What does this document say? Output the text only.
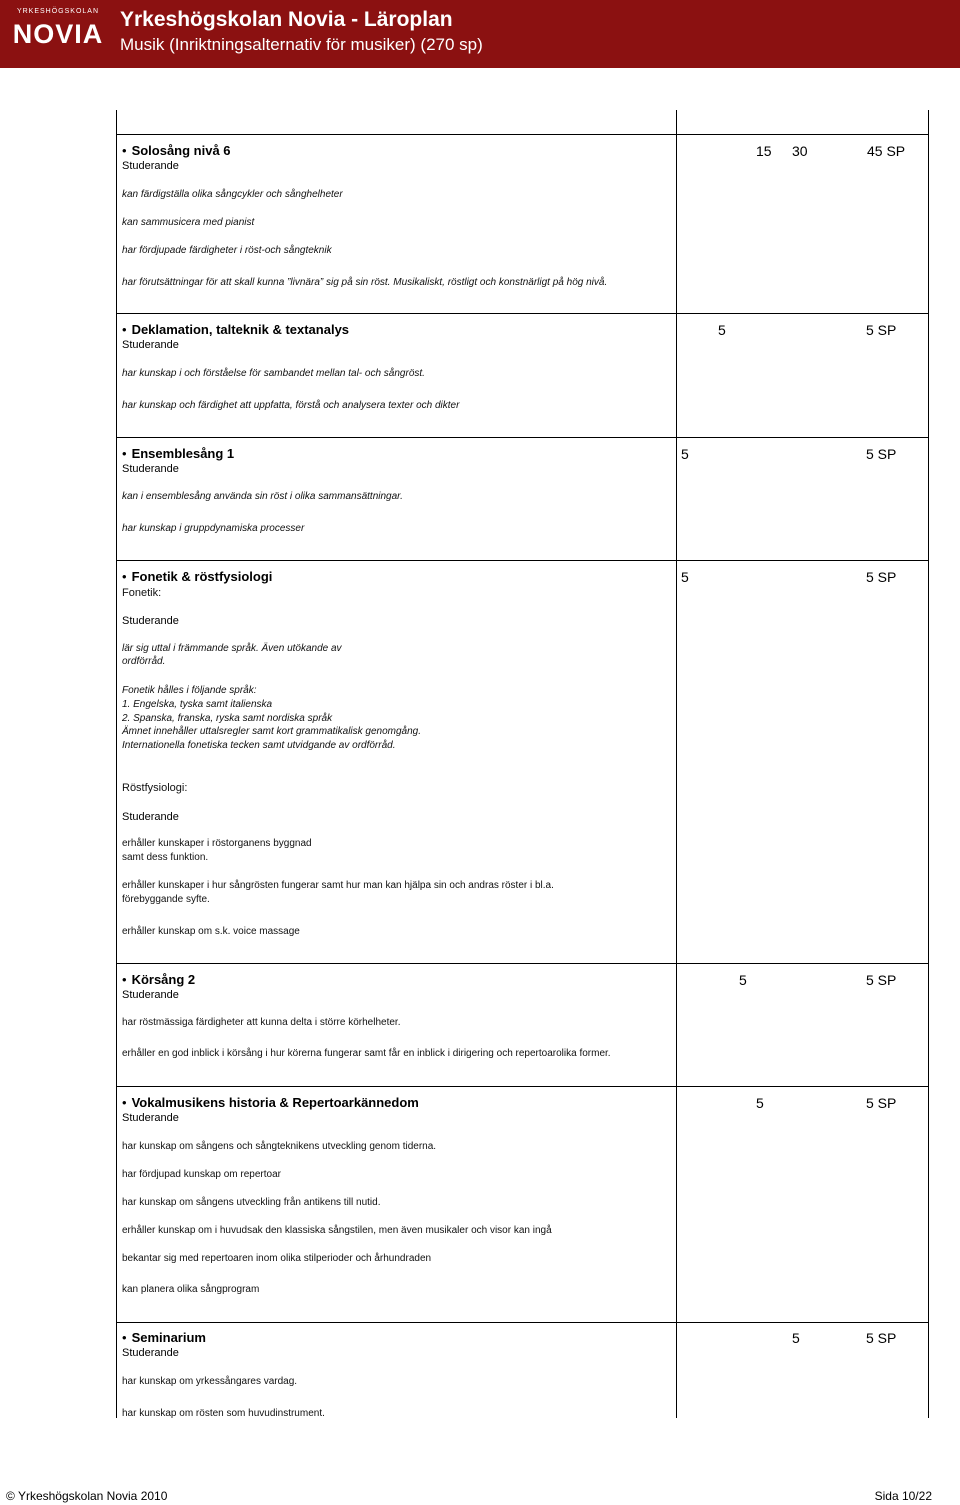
YRKESHÖGSKOLAN
NOVIA Yrkeshögskolan Novia - Läroplan
Musik (Inriktningsalternativ för musiker) (270 sp)
• Solosång nivå 6
Studerande
15 30	45 SP
kan färdigställa olika sångcykler och sånghelheter
kan sammusicera med pianist
har fördjupade färdigheter i röst-och sångteknik
har förutsättningar för att skall kunna ”livnära” sig på sin röst. Musikaliskt, röstligt och konstnärligt på hög nivå.
• Deklamation, talteknik & textanalys
Studerande
5	5 SP
har kunskap i och förståelse för sambandet mellan tal- och sångröst.
har kunskap och färdighet att uppfatta, förstå och analysera texter och dikter
• Ensemblesång 1
Studerande
5	5 SP
kan i ensemblesång använda sin röst i olika sammansättningar.
har kunskap i gruppdynamiska processer
• Fonetik & röstfysiologi	5	5 SP
Fonetik:
Studerande
lär sig uttal i främmande språk. Även utökande av
ordförråd.
Fonetik hålles i följande språk:
1. Engelska, tyska samt italienska
2. Spanska, franska, ryska samt nordiska språk
Ämnet innehåller uttalsregler samt kort grammatikalisk genomgång.
Internationella fonetiska tecken samt utvidgande av ordförråd.
Röstfysiologi:
Studerande
erhåller kunskaper i röstorganens byggnad
samt dess funktion.
erhåller kunskaper i hur sångrösten fungerar samt hur man kan hjälpa sin och andras röster i bl.a.
förebyggande syfte.
erhåller kunskap om s.k. voice massage
• Körsång 2
Studerande
5	5 SP
har röstmässiga färdigheter att kunna delta i större körhelheter.
erhåller en god inblick i körsång i hur körerna fungerar samt får en inblick i dirigering och repertoarolika former.
• Vokalmusikens historia & Repertoarkännedom
Studerande
5	5 SP
har kunskap om sångens och sångteknikens utveckling genom tiderna.
har fördjupad kunskap om repertoar
har kunskap om sångens utveckling från antikens till nutid.
erhåller kunskap om i huvudsak den klassiska sångstilen, men även musikaler och visor kan ingå
bekantar sig med repertoaren inom olika stilperioder och århundraden
kan planera olika sångprogram
• Seminarium
Studerande
5	5 SP
har kunskap om yrkessångares vardag.
har kunskap om rösten som huvudinstrument.
© Yrkeshögskolan Novia 2010	Sida 10/22
